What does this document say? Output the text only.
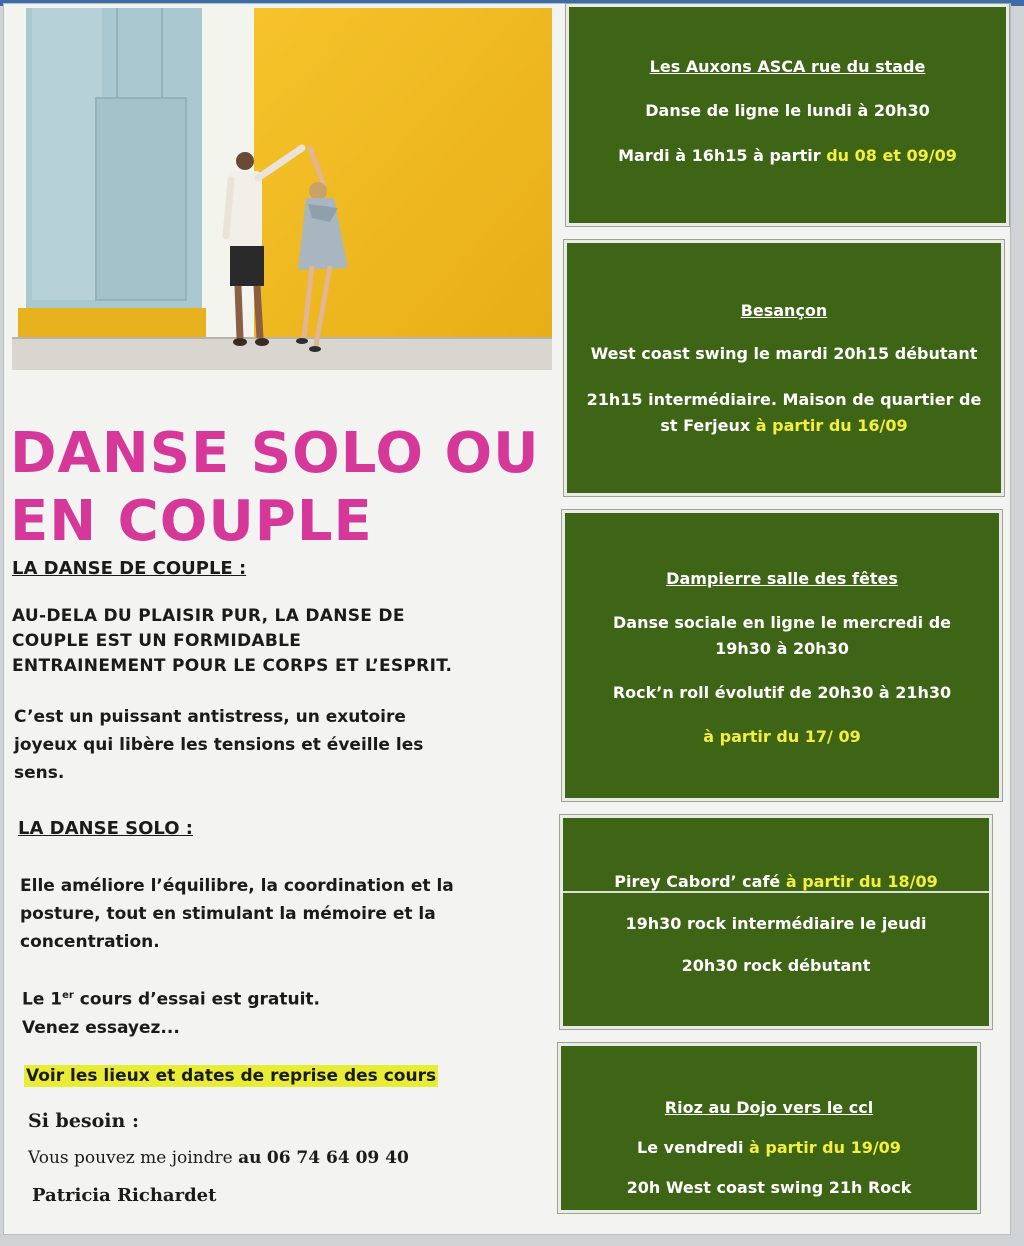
DANSE SOLO OU
EN COUPLE
LA DANSE DE COUPLE :
AU-DELA DU PLAISIR PUR, LA DANSE DE
COUPLE EST UN FORMIDABLE
ENTRAINEMENT POUR LE CORPS ET L’ESPRIT.
C’est un puissant antistress, un exutoire
joyeux qui libère les tensions et éveille les
sens.
LA DANSE SOLO :
Elle améliore l’équilibre, la coordination et la
posture, tout en stimulant la mémoire et la
concentration.
Le 1er cours d’essai est gratuit.
Venez essayez...
Voir les lieux et dates de reprise des cours
Si besoin :
Vous pouvez me joindre au 06 74 64 09 40
Patricia Richardet
Les Auxons ASCA rue du stade
Danse de ligne le lundi à 20h30
Mardi à 16h15 à partir du 08 et 09/09
Besançon
West coast swing le mardi 20h15 débutant
21h15 intermédiaire. Maison de quartier de
st Ferjeux à partir du 16/09
Dampierre salle des fêtes
Danse sociale en ligne le mercredi de
19h30 à 20h30
Rock’n roll évolutif de 20h30 à 21h30
à partir du 17/ 09
Pirey Cabord’ café à partir du 18/09
19h30 rock intermédiaire le jeudi
20h30 rock débutant
Rioz au Dojo vers le ccl
Le vendredi à partir du 19/09
20h West coast swing 21h Rock
